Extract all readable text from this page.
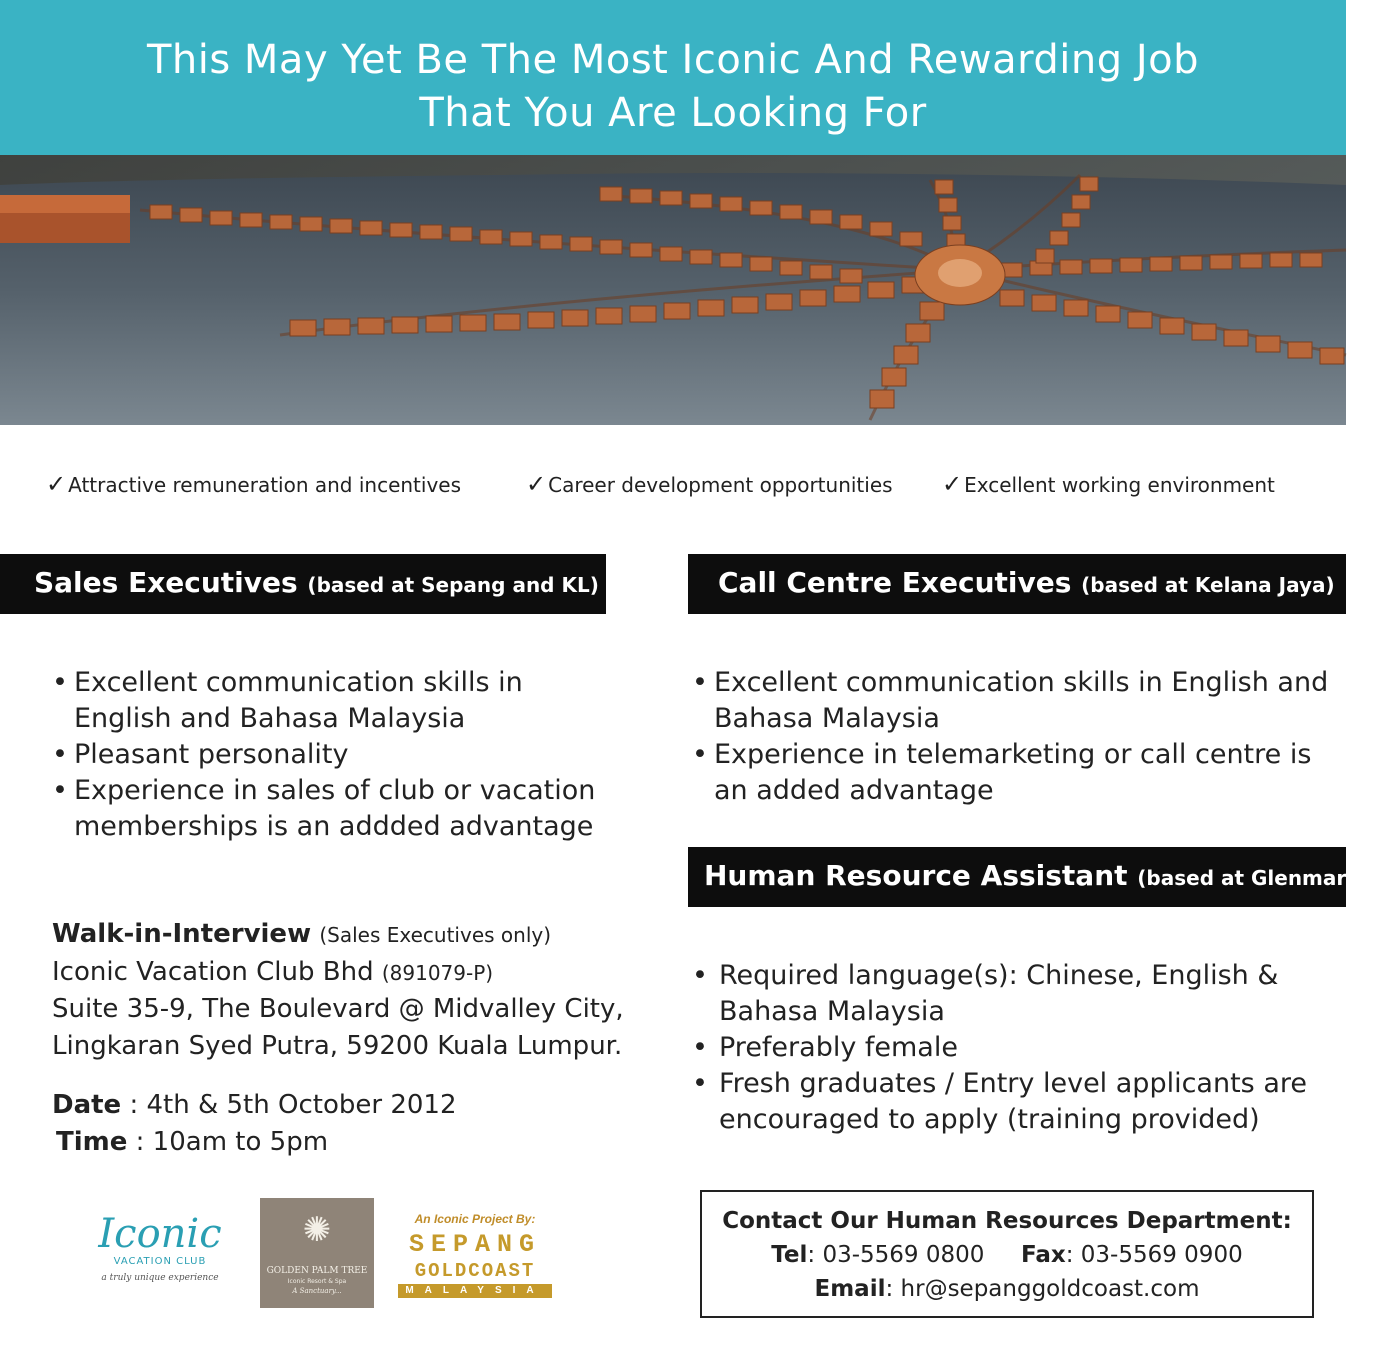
This May Yet Be The Most Iconic And Rewarding Job
That You Are Looking For
✓ Attractive remuneration and incentives	✓ Career development opportunities ✓ Excellent working environment
Sales Executives (based at Sepang and KL)	Call Centre Executives (based at Kelana Jaya)
• Excellent communication skills in English and Bahasa Malaysia
• Pleasant personality
• Experience in sales of club or vacation memberships is an addded advantage
• Excellent communication skills in English and Bahasa Malaysia
• Experience in telemarketing or call centre is an added advantage
Human Resource Assistant (based at Glenmarie)
• Required language(s): Chinese, English & Bahasa Malaysia
• Preferably female
• Fresh graduates / Entry level applicants are encouraged to apply (training provided)
Walk-in-Interview (Sales Executives only)
Iconic Vacation Club Bhd (891079-P)
Suite 35-9, The Boulevard @ Midvalley City,
Lingkaran Syed Putra, 59200 Kuala Lumpur.
Date : 4th & 5th October 2012
Time : 10am to 5pm
Iconic
VACATION CLUB
a truly unique experience
✺
GOLDEN PALM TREE
Iconic Resort & Spa
A Sanctuary...
An Iconic Project By:
SEPANG
GOLDCOAST
MALAYSIA
Contact Our Human Resources Department:
Tel: 03-5569 0800 Fax: 03-5569 0900
Email: hr@sepanggoldcoast.com
